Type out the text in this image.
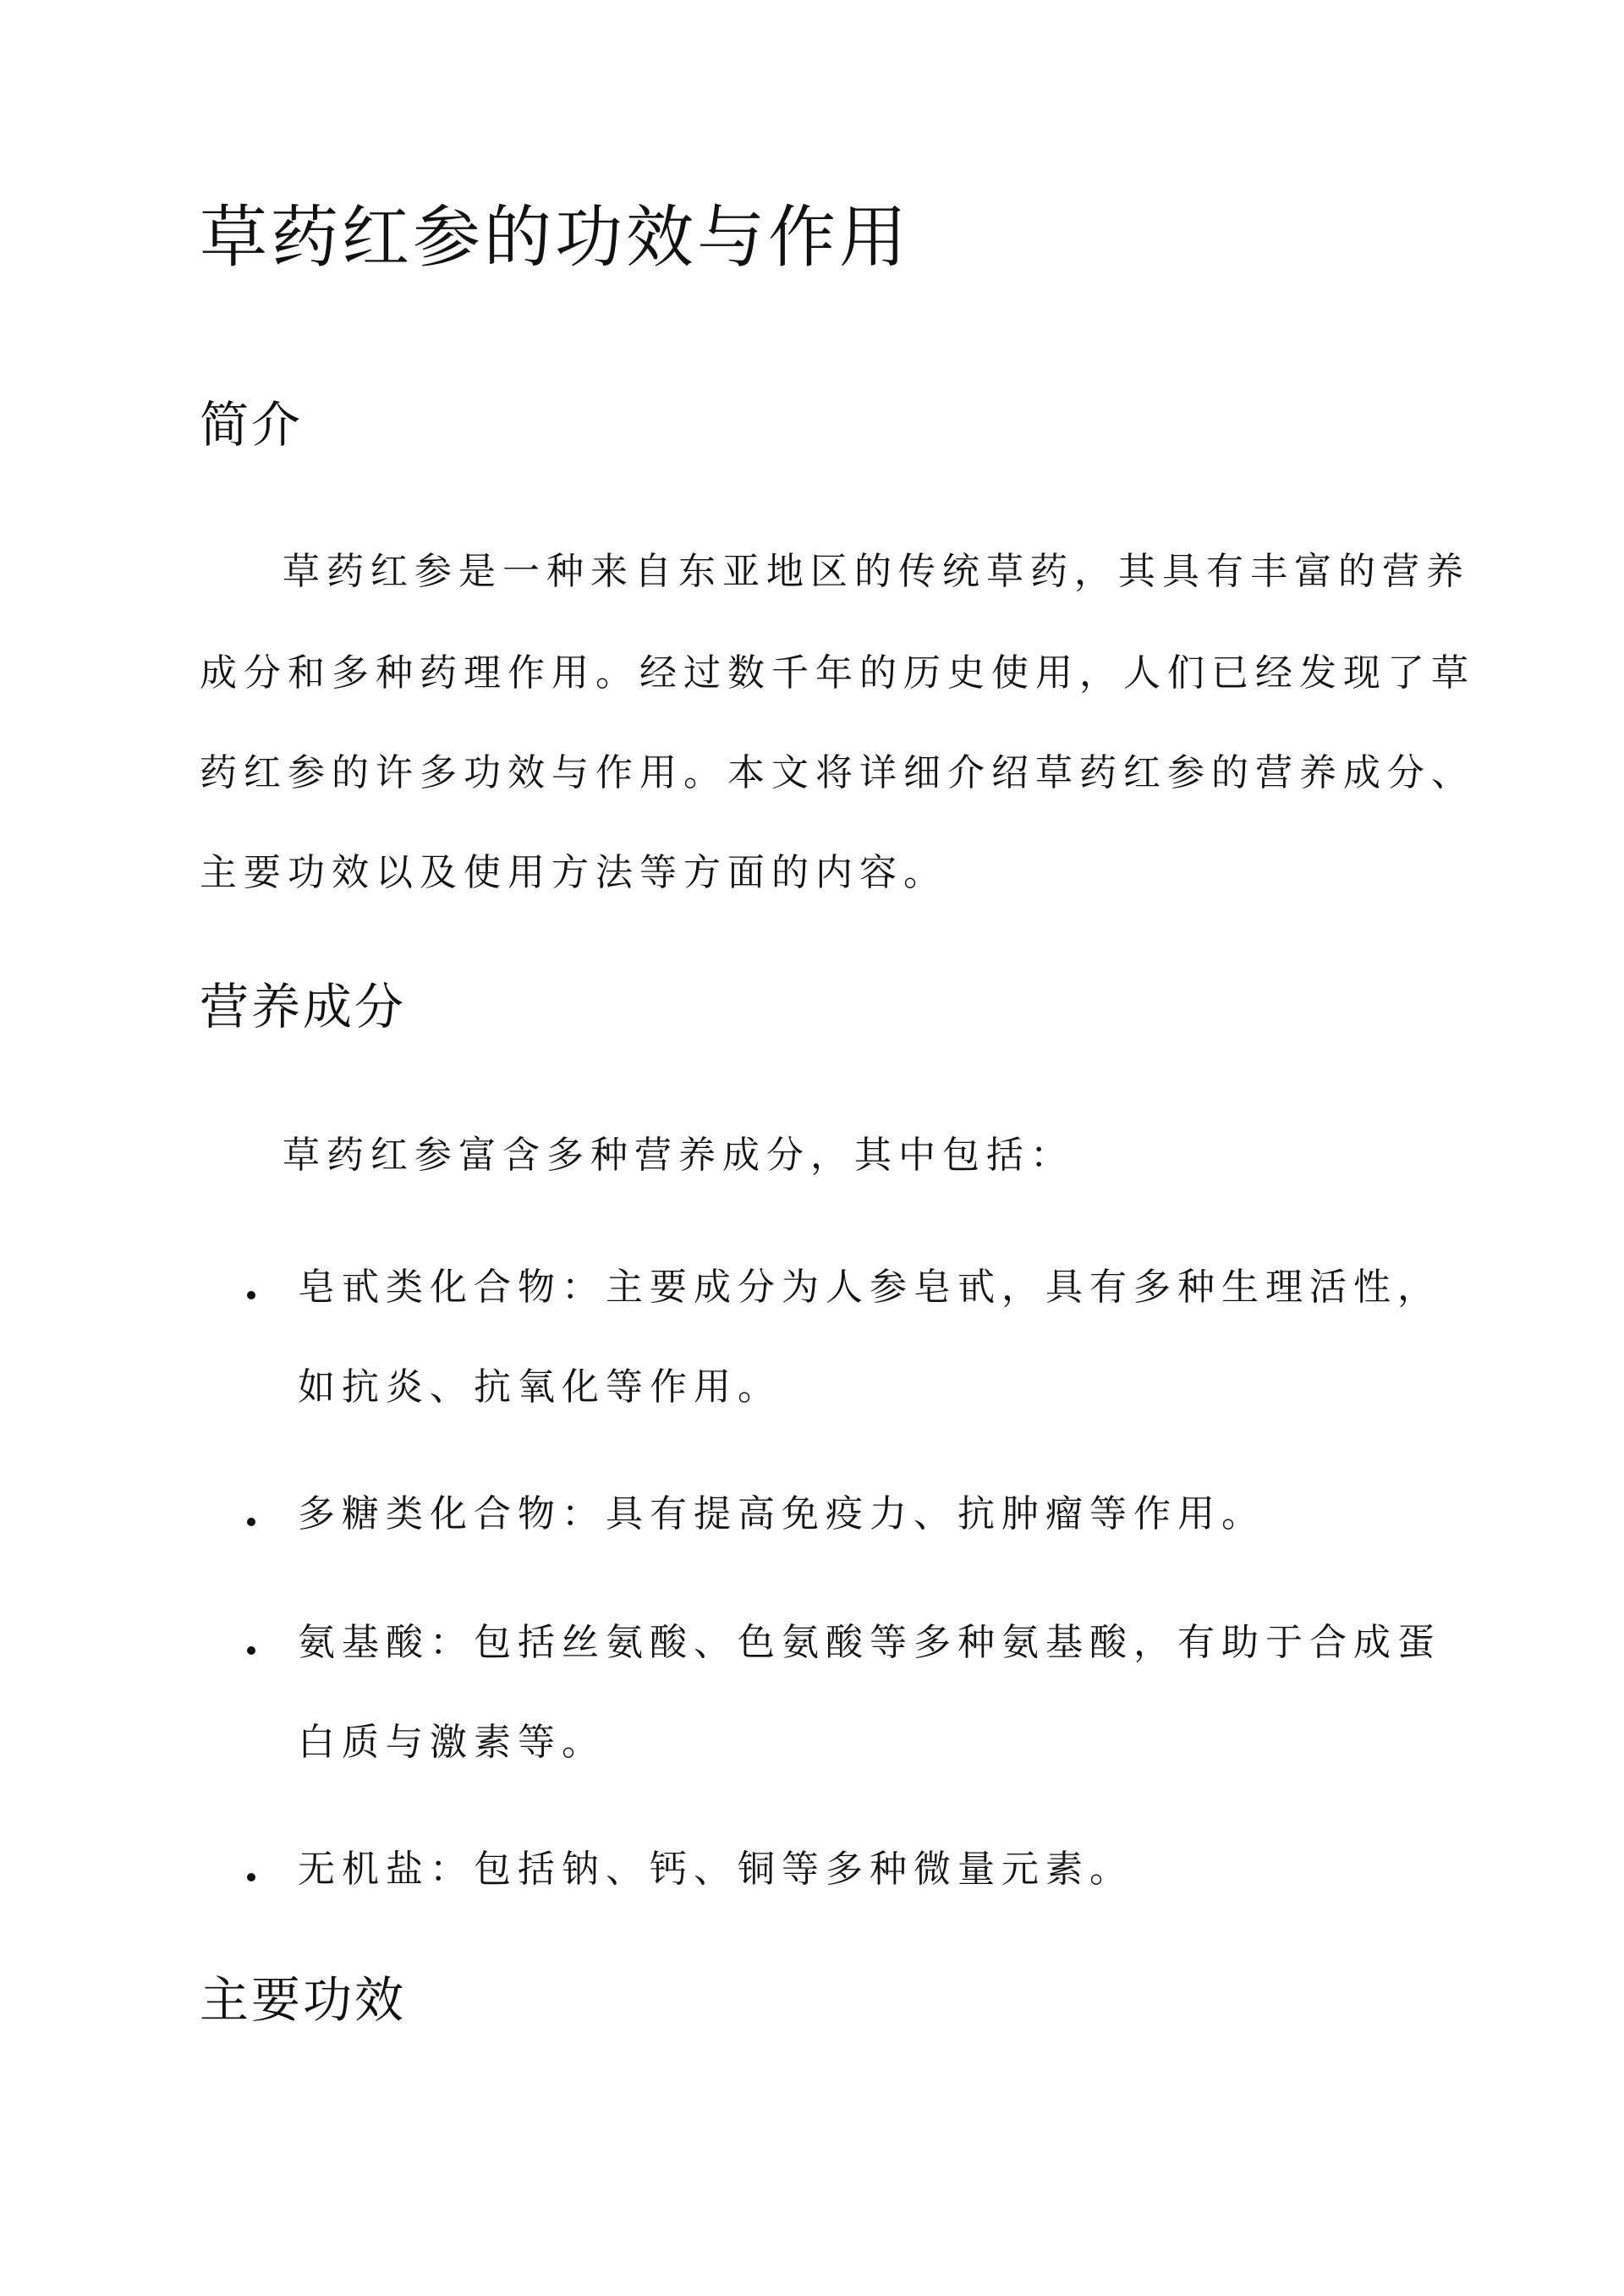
草药红参的功效与作用
简介

草药红参是一种来自东亚地区的传统草药，其具有丰富的营养

成分和多种药理作用。经过数千年的历史使用，人们已经发现了草

药红参的许多功效与作用。本文将详细介绍草药红参的营养成分、

主要功效以及使用方法等方面的内容。

营养成分

草药红参富含多种营养成分，其中包括：

皂甙类化合物：主要成分为人参皂甙，具有多种生理活性，

如抗炎、抗氧化等作用。

多糖类化合物：具有提高免疫力、抗肿瘤等作用。

氨基酸：包括丝氨酸、色氨酸等多种氨基酸，有助于合成蛋

白质与激素等。

无机盐：包括钠、钙、铜等多种微量元素。

主要功效
